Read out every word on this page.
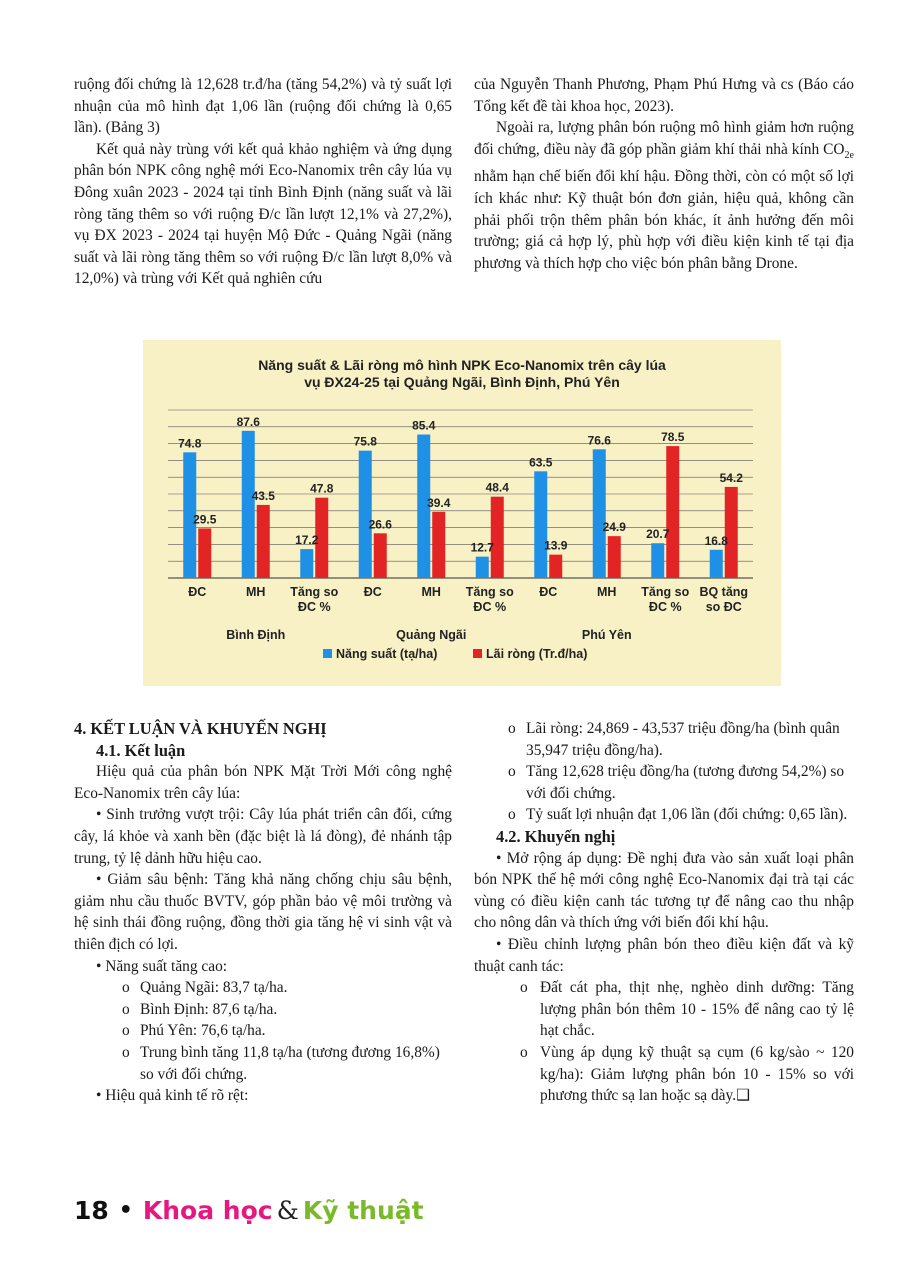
ruộng đối chứng là 12,628 tr.đ/ha (tăng 54,2%) và tỷ suất lợi nhuận của mô hình đạt 1,06 lần (ruộng đối chứng là 0,65 lần). (Bảng 3)

Kết quả này trùng với kết quả khảo nghiệm và ứng dụng phân bón NPK công nghệ mới Eco-Nanomix trên cây lúa vụ Đông xuân 2023 - 2024 tại tỉnh Bình Định (năng suất và lãi ròng tăng thêm so với ruộng Đ/c lần lượt 12,1% và 27,2%), vụ ĐX 2023 - 2024 tại huyện Mộ Đức - Quảng Ngãi (năng suất và lãi ròng tăng thêm so với ruộng Đ/c lần lượt 8,0% và 12,0%) và trùng với Kết quả nghiên cứu

của Nguyễn Thanh Phương, Phạm Phú Hưng và cs (Báo cáo Tổng kết đề tài khoa học, 2023).

Ngoài ra, lượng phân bón ruộng mô hình giảm hơn ruộng đối chứng, điều này đã góp phần giảm khí thải nhà kính $CO_{2e}$ nhằm hạn chế biến đổi khí hậu. Đồng thời, còn có một số lợi ích khác như: Kỹ thuật bón đơn giản, hiệu quả, không cần phải phối trộn thêm phân bón khác, ít ảnh hưởng đến môi trường; giá cả hợp lý, phù hợp với điều kiện kinh tế tại địa phương và thích hợp cho việc bón phân bằng Drone.

Năng suất & Lãi ròng mô hình NPK Eco-Nanomix trên cây lúa
vụ ĐX24-25 tại Quảng Ngãi, Bình Định, Phú Yên
74.8
29.5
ĐC
87.6
43.5
MH
17.2
47.8
Tăng so
ĐC %
75.8
26.6
ĐC
85.4
39.4
MH
12.7
48.4
Tăng so
ĐC %
63.5
13.9
ĐC
76.6
24.9
MH
20.7
78.5
Tăng so
ĐC %
16.8
54.2
BQ tăng
so ĐC
Bình Định	Quảng Ngãi	Phú Yên
Năng suất (tạ/ha)	Lãi ròng (Tr.đ/ha)

4. KẾT LUẬN VÀ KHUYẾN NGHỊ

4.1. Kết luận

Hiệu quả của phân bón NPK Mặt Trời Mới công nghệ Eco-Nanomix trên cây lúa:

• Sinh trưởng vượt trội: Cây lúa phát triển cân đối, cứng cây, lá khỏe và xanh bền (đặc biệt là lá đòng), đẻ nhánh tập trung, tỷ lệ dảnh hữu hiệu cao.

• Giảm sâu bệnh: Tăng khả năng chống chịu sâu bệnh, giảm nhu cầu thuốc BVTV, góp phần bảo vệ môi trường và hệ sinh thái đồng ruộng, đồng thời gia tăng hệ vi sinh vật và thiên địch có lợi.

• Năng suất tăng cao:

o Quảng Ngãi: 83,7 tạ/ha.

o Bình Định: 87,6 tạ/ha.

o Phú Yên: 76,6 tạ/ha.

o Trung bình tăng 11,8 tạ/ha (tương đương 16,8%) so với đối chứng.

• Hiệu quả kinh tế rõ rệt:

o Lãi ròng: 24,869 - 43,537 triệu đồng/ha (bình quân 35,947 triệu đồng/ha).

o Tăng 12,628 triệu đồng/ha (tương đương 54,2%) so với đối chứng.

o Tỷ suất lợi nhuận đạt 1,06 lần (đối chứng: 0,65 lần).

4.2. Khuyến nghị

• Mở rộng áp dụng: Đề nghị đưa vào sản xuất loại phân bón NPK thế hệ mới công nghệ Eco-Nanomix đại trà tại các vùng có điều kiện canh tác tương tự để nâng cao thu nhập cho nông dân và thích ứng với biến đổi khí hậu.

• Điều chỉnh lượng phân bón theo điều kiện đất và kỹ thuật canh tác:

o Đất cát pha, thịt nhẹ, nghèo dinh dưỡng: Tăng lượng phân bón thêm 10 - 15% để nâng cao tỷ lệ hạt chắc.

o Vùng áp dụng kỹ thuật sạ cụm (6 kg/sào ~ 120 kg/ha): Giảm lượng phân bón 10 - 15% so với phương thức sạ lan hoặc sạ dày.❑

18 • Khoa học & Kỹ thuật
